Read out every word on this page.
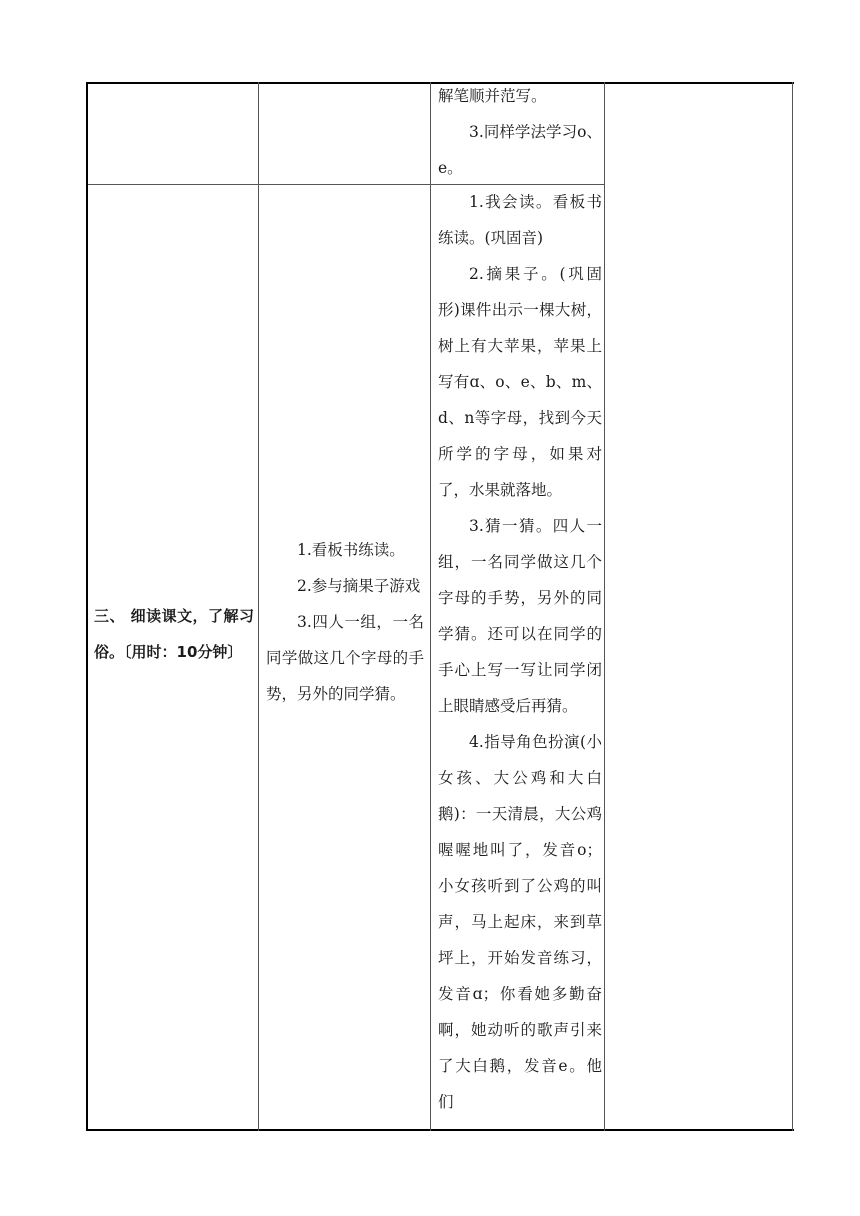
解笔顺并范写。

3.同样学法学习o、e。

三、 细读课文，了解习俗。〔用时：10分钟〕

1.看板书练读。

2.参与摘果子游戏

3.四人一组，一名同学做这几个字母的手势，另外的同学猜。

1.我会读。看板书练读。(巩固音)

2.摘果子。(巩固形)课件出示一棵大树，树上有大苹果，苹果上写有ɑ、o、e、b、m、d、n等字母，找到今天所学的字母，如果对了，水果就落地。

3.猜一猜。四人一组，一名同学做这几个字母的手势，另外的同学猜。还可以在同学的手心上写一写让同学闭上眼睛感受后再猜。

4.指导角色扮演(小女孩、大公鸡和大白鹅)：一天清晨，大公鸡喔喔地叫了，发音o；小女孩听到了公鸡的叫声，马上起床，来到草坪上，开始发音练习，发音ɑ；你看她多勤奋啊，她动听的歌声引来了大白鹅，发音e。他们
